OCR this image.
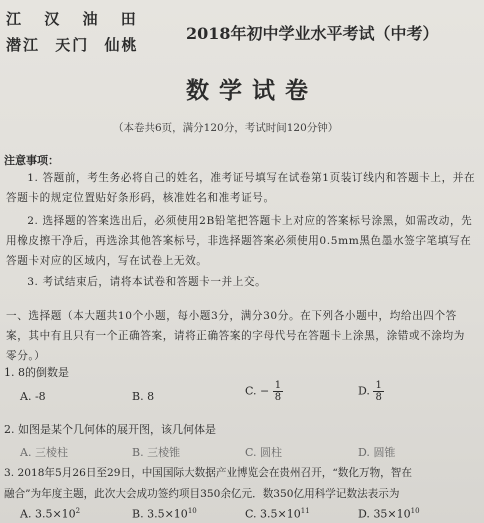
江 汉 油 田
潜江 天门 仙桃
2018年初中学业水平考试（中考）
数学试卷
（本卷共6页，满分120分，考试时间120分钟）
注意事项：
1. 答题前，考生务必将自己的姓名，准考证号填写在试卷第1页装订线内和答题卡上，并在答题卡的规定位置贴好条形码，核准姓名和准考证号。
2. 选择题的答案选出后，必须使用2B铅笔把答题卡上对应的答案标号涂黑，如需改动，先用橡皮擦干净后，再选涂其他答案标号，非选择题答案必须使用0.5mm黑色墨水签字笔填写在答题卡对应的区域内，写在试卷上无效。
3. 考试结束后，请将本试卷和答题卡一并上交。
一、选择题（本大题共10个小题，每小题3分，满分30分。在下列各小题中，均给出四个答案，其中有且只有一个正确答案，请将正确答案的字母代号在答题卡上涂黑，涂错或不涂均为零分。）
1. 8的倒数是
A. -8	B. 8	C. − $\frac{1}{8}$	D. $\frac{1}{8}$
2. 如图是某个几何体的展开图，该几何体是
A. 三棱柱	B. 三棱锥	C. 圆柱	D. 圆锥
3. 2018年5月26日至29日，中国国际大数据产业博览会在贵州召开，“数化万物，智在
融合”为年度主题，此次大会成功签约项目350余亿元．数350亿用科学记数法表示为
A. $3.5\times 10^2$	B. $3.5\times 10^{10}$	C. $3.5\times 10^{11}$	D. $35\times 10^{10}$
